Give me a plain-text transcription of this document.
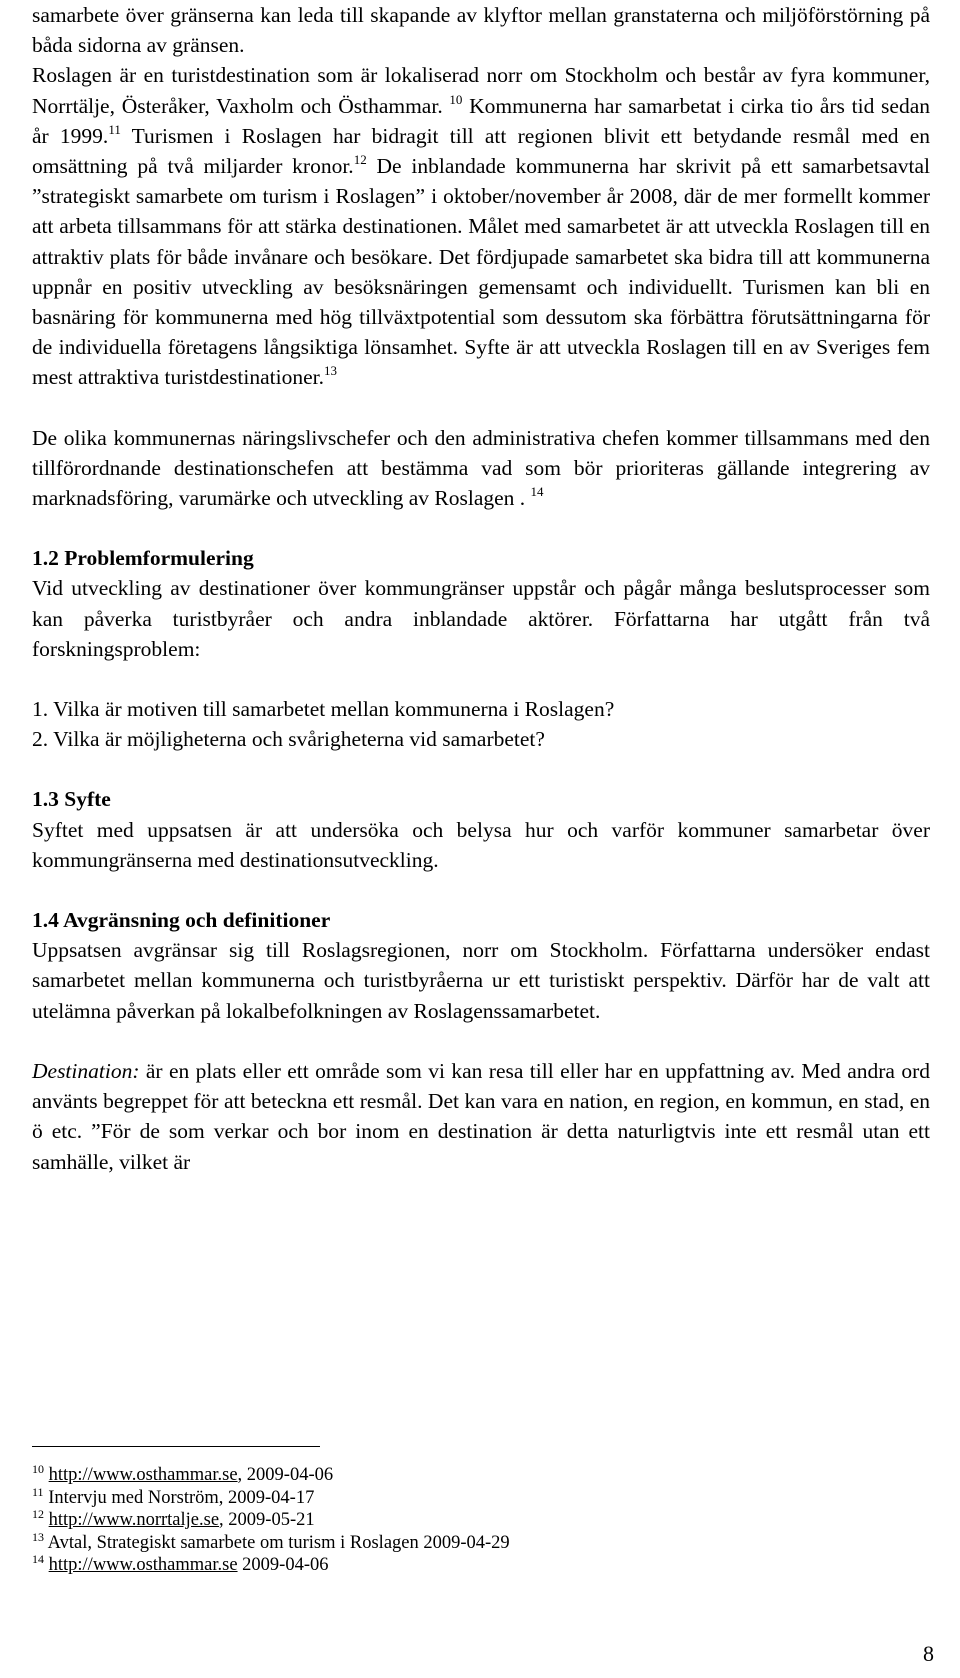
samarbete över gränserna kan leda till skapande av klyftor mellan granstaterna och miljöförstörning på båda sidorna av gränsen.

Roslagen är en turistdestination som är lokaliserad norr om Stockholm och består av fyra kommuner, Norrtälje, Österåker, Vaxholm och Östhammar. $^{10}$ Kommunerna har samarbetat i cirka tio års tid sedan år 1999.11 Turismen i Roslagen har bidragit till att regionen blivit ett betydande resmål med en omsättning på två miljarder kronor.$^{12}$ De inblandade kommunerna har skrivit på ett samarbetsavtal ”strategiskt samarbete om turism i Roslagen” i oktober/november år 2008, där de mer formellt kommer att arbeta tillsammans för att stärka destinationen. Målet med samarbetet är att utveckla Roslagen till en attraktiv plats för både invånare och besökare. Det fördjupade samarbetet ska bidra till att kommunerna uppnår en positiv utveckling av besöksnäringen gemensamt och individuellt. Turismen kan bli en basnäring för kommunerna med hög tillväxtpotential som dessutom ska förbättra förutsättningarna för de individuella företagens långsiktiga lönsamhet. Syfte är att utveckla Roslagen till en av Sveriges fem mest attraktiva turistdestinationer.$^{13}$

De olika kommunernas näringslivschefer och den administrativa chefen kommer tillsammans med den tillförordnande destinationschefen att bestämma vad som bör prioriteras gällande integrering av marknadsföring, varumärke och utveckling av Roslagen . $^{14}$

1.2 Problemformulering

Vid utveckling av destinationer över kommungränser uppstår och pågår många beslutsprocesser som kan påverka turistbyråer och andra inblandade aktörer. Författarna har utgått från två forskningsproblem:

1. Vilka är motiven till samarbetet mellan kommunerna i Roslagen?

2. Vilka är möjligheterna och svårigheterna vid samarbetet?

1.3 Syfte

Syftet med uppsatsen är att undersöka och belysa hur och varför kommuner samarbetar över kommungränserna med destinationsutveckling.

1.4 Avgränsning och definitioner

Uppsatsen avgränsar sig till Roslagsregionen, norr om Stockholm. Författarna undersöker endast samarbetet mellan kommunerna och turistbyråerna ur ett turistiskt perspektiv. Därför har de valt att utelämna påverkan på lokalbefolkningen av Roslagenssamarbetet.

Destination: är en plats eller ett område som vi kan resa till eller har en uppfattning av. Med andra ord använts begreppet för att beteckna ett resmål. Det kan vara en nation, en region, en kommun, en stad, en ö etc. ”För de som verkar och bor inom en destination är detta naturligtvis inte ett resmål utan ett samhälle, vilket är

$^{10}$ http://www.osthammar.se, 2009-04-06

$^{11}$ Intervju med Norström, 2009-04-17

$^{12}$ http://www.norrtalje.se, 2009-05-21

$^{13}$ Avtal, Strategiskt samarbete om turism i Roslagen 2009-04-29

$^{14}$ http://www.osthammar.se 2009-04-06

8
